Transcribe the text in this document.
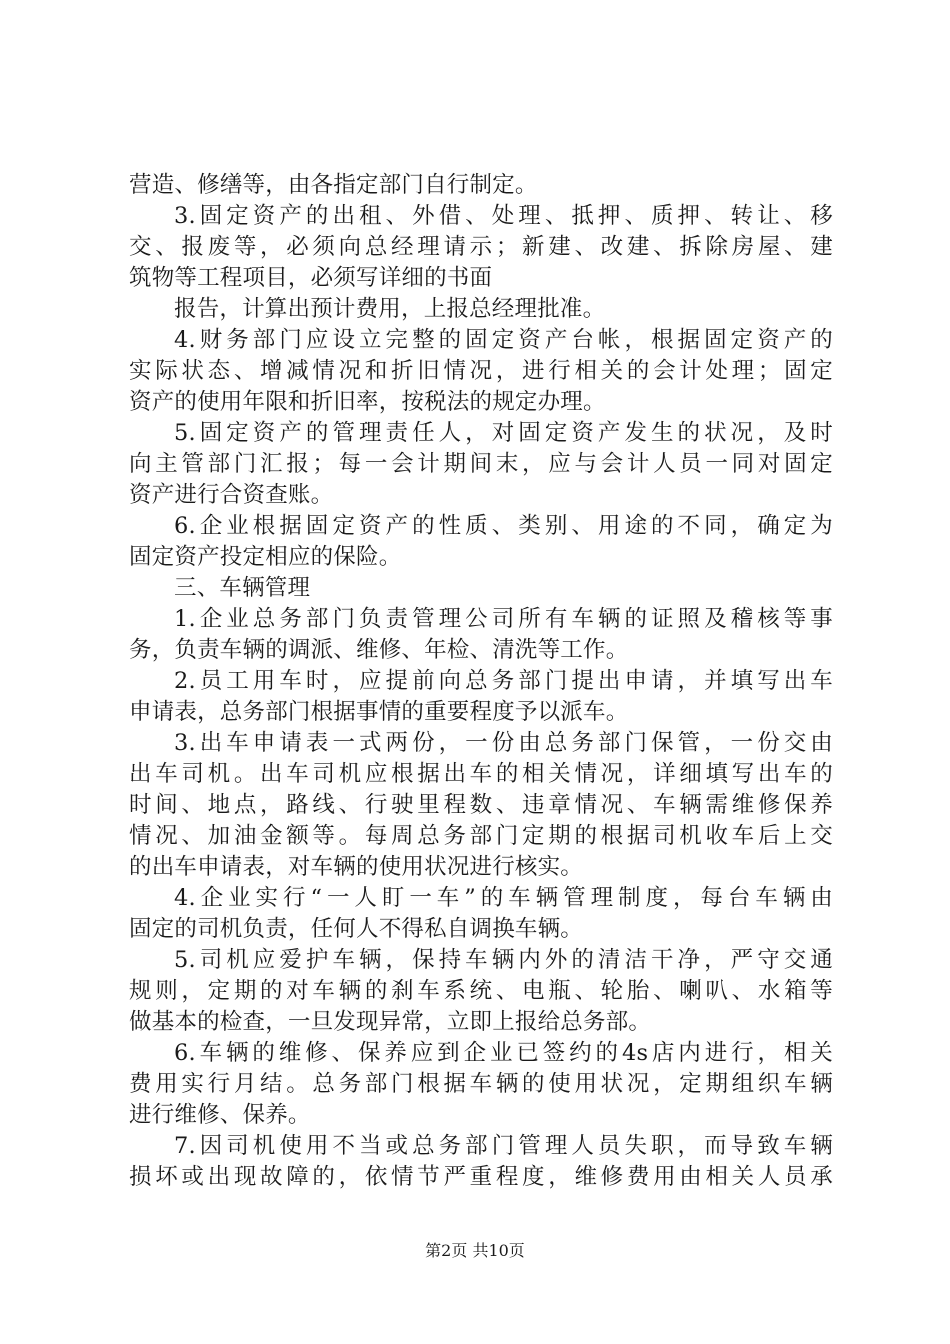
营造、修缮等，由各指定部门自行制定。

3.固定资产的出租、外借、处理、抵押、质押、转让、移

交、报废等，必须向总经理请示；新建、改建、拆除房屋、建

筑物等工程项目，必须写详细的书面

报告，计算出预计费用，上报总经理批准。

4.财务部门应设立完整的固定资产台帐，根据固定资产的

实际状态、增减情况和折旧情况，进行相关的会计处理；固定

资产的使用年限和折旧率，按税法的规定办理。

5.固定资产的管理责任人，对固定资产发生的状况，及时

向主管部门汇报；每一会计期间末，应与会计人员一同对固定

资产进行合资查账。

6.企业根据固定资产的性质、类别、用途的不同，确定为

固定资产投定相应的保险。

三、车辆管理

1.企业总务部门负责管理公司所有车辆的证照及稽核等事

务，负责车辆的调派、维修、年检、清洗等工作。

2.员工用车时，应提前向总务部门提出申请，并填写出车

申请表，总务部门根据事情的重要程度予以派车。

3.出车申请表一式两份，一份由总务部门保管，一份交由

出车司机。出车司机应根据出车的相关情况，详细填写出车的

时间、地点，路线、行驶里程数、违章情况、车辆需维修保养

情况、加油金额等。每周总务部门定期的根据司机收车后上交

的出车申请表，对车辆的使用状况进行核实。

4.企业实行“一人盯一车”的车辆管理制度，每台车辆由

固定的司机负责，任何人不得私自调换车辆。

5.司机应爱护车辆，保持车辆内外的清洁干净，严守交通

规则，定期的对车辆的刹车系统、电瓶、轮胎、喇叭、水箱等

做基本的检查，一旦发现异常，立即上报给总务部。

6.车辆的维修、保养应到企业已签约的4s店内进行，相关

费用实行月结。总务部门根据车辆的使用状况，定期组织车辆

进行维修、保养。

7.因司机使用不当或总务部门管理人员失职，而导致车辆

损坏或出现故障的，依情节严重程度，维修费用由相关人员承

第2页 共10页
